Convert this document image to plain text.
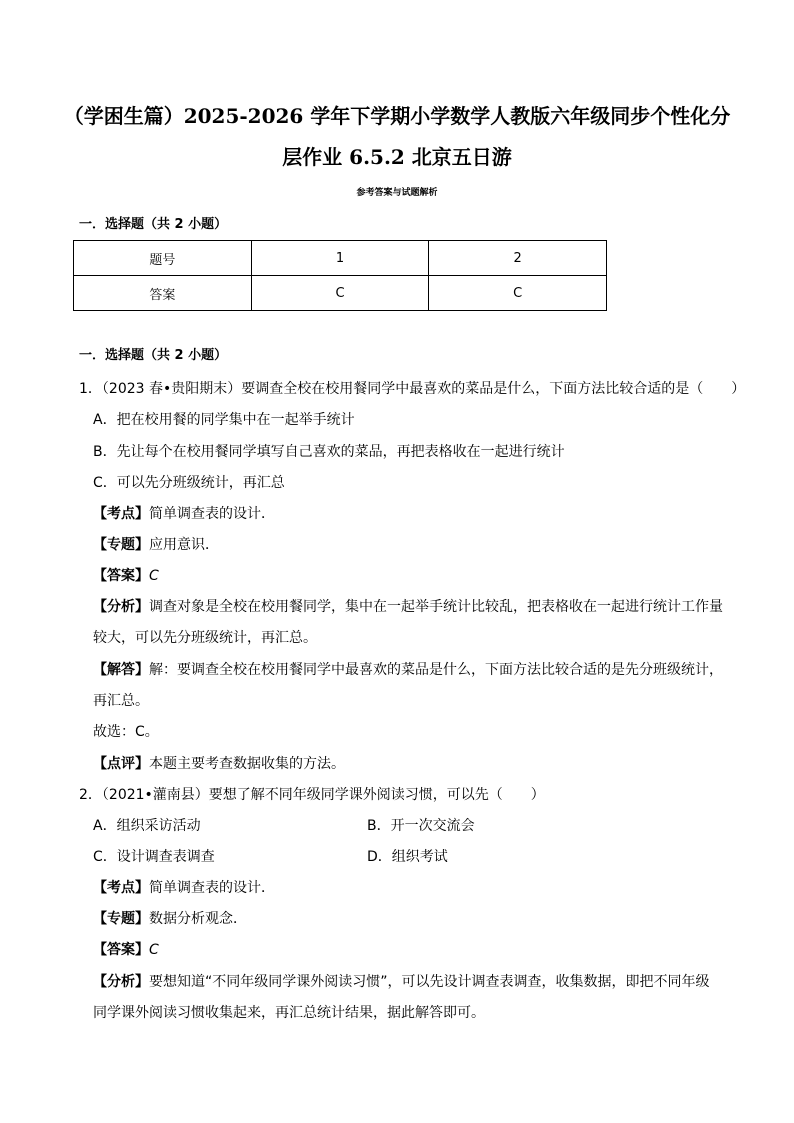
（学困生篇）2025-2026 学年下学期小学数学人教版六年级同步个性化分
层作业 6.5.2 北京五日游
参考答案与试题解析
一．选择题（共 2 小题）
题号	1	2
答案	C	C
一．选择题（共 2 小题）
1．（2023 春•贵阳期末）要调查全校在校用餐同学中最喜欢的菜品是什么，下面方法比较合适的是（　　）
A．把在校用餐的同学集中在一起举手统计
B．先让每个在校用餐同学填写自己喜欢的菜品，再把表格收在一起进行统计
C．可以先分班级统计，再汇总
【考点】简单调查表的设计．
【专题】应用意识．
【答案】C
【分析】调查对象是全校在校用餐同学，集中在一起举手统计比较乱，把表格收在一起进行统计工作量
较大，可以先分班级统计，再汇总。
【解答】解：要调查全校在校用餐同学中最喜欢的菜品是什么，下面方法比较合适的是先分班级统计，
再汇总。
故选：C。
【点评】本题主要考查数据收集的方法。
2．（2021•灌南县）要想了解不同年级同学课外阅读习惯，可以先（　　）
A．组织采访活动	B．开一次交流会
C．设计调查表调查	D．组织考试
【考点】简单调查表的设计．
【专题】数据分析观念．
【答案】C
【分析】要想知道“不同年级同学课外阅读习惯”，可以先设计调查表调查，收集数据，即把不同年级
同学课外阅读习惯收集起来，再汇总统计结果，据此解答即可。
